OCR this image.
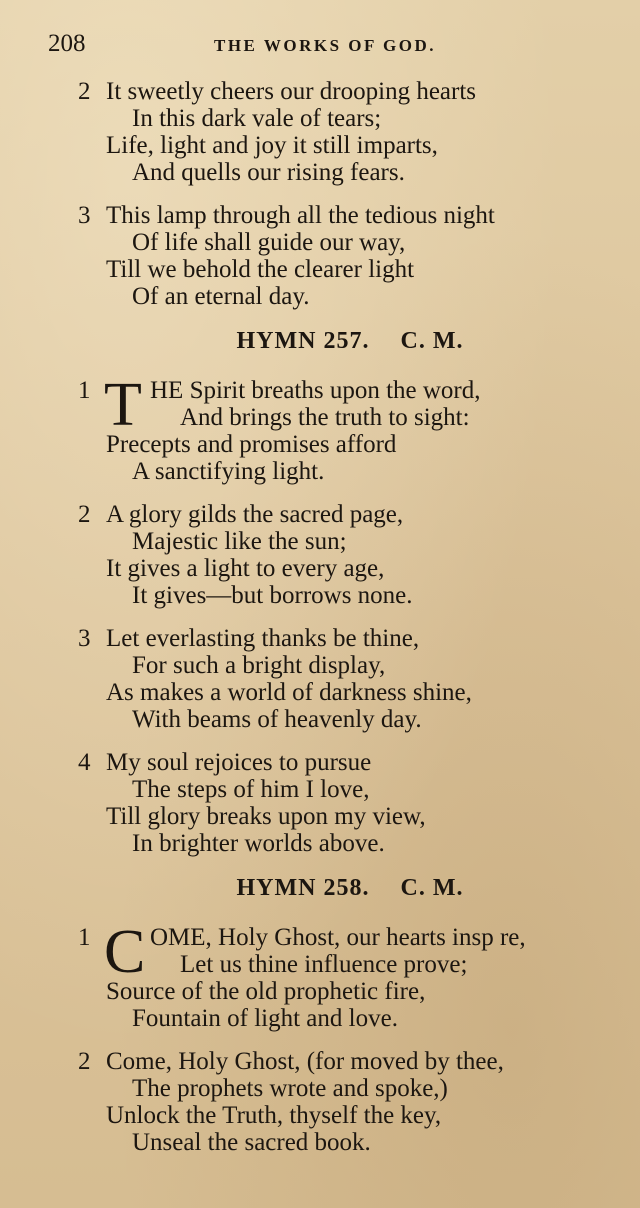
208	THE WORKS OF GOD.
2 It sweetly cheers our drooping hearts
In this dark vale of tears;
Life, light and joy it still imparts,
And quells our rising fears.
3 This lamp through all the tedious night
Of life shall guide our way,
Till we behold the clearer light
Of an eternal day.
HYMN 257. C. M.
1 T HE Spirit breaths upon the word,
And brings the truth to sight:
Precepts and promises afford
A sanctifying light.
2 A glory gilds the sacred page,
Majestic like the sun;
It gives a light to every age,
It gives—but borrows none.
3 Let everlasting thanks be thine,
For such a bright display,
As makes a world of darkness shine,
With beams of heavenly day.
4 My soul rejoices to pursue
The steps of him I love,
Till glory breaks upon my view,
In brighter worlds above.
HYMN 258. C. M.
1 C OME, Holy Ghost, our hearts insp re,
Let us thine influence prove;
Source of the old prophetic fire,
Fountain of light and love.
2 Come, Holy Ghost, (for moved by thee,
The prophets wrote and spoke,)
Unlock the Truth, thyself the key,
Unseal the sacred book.
